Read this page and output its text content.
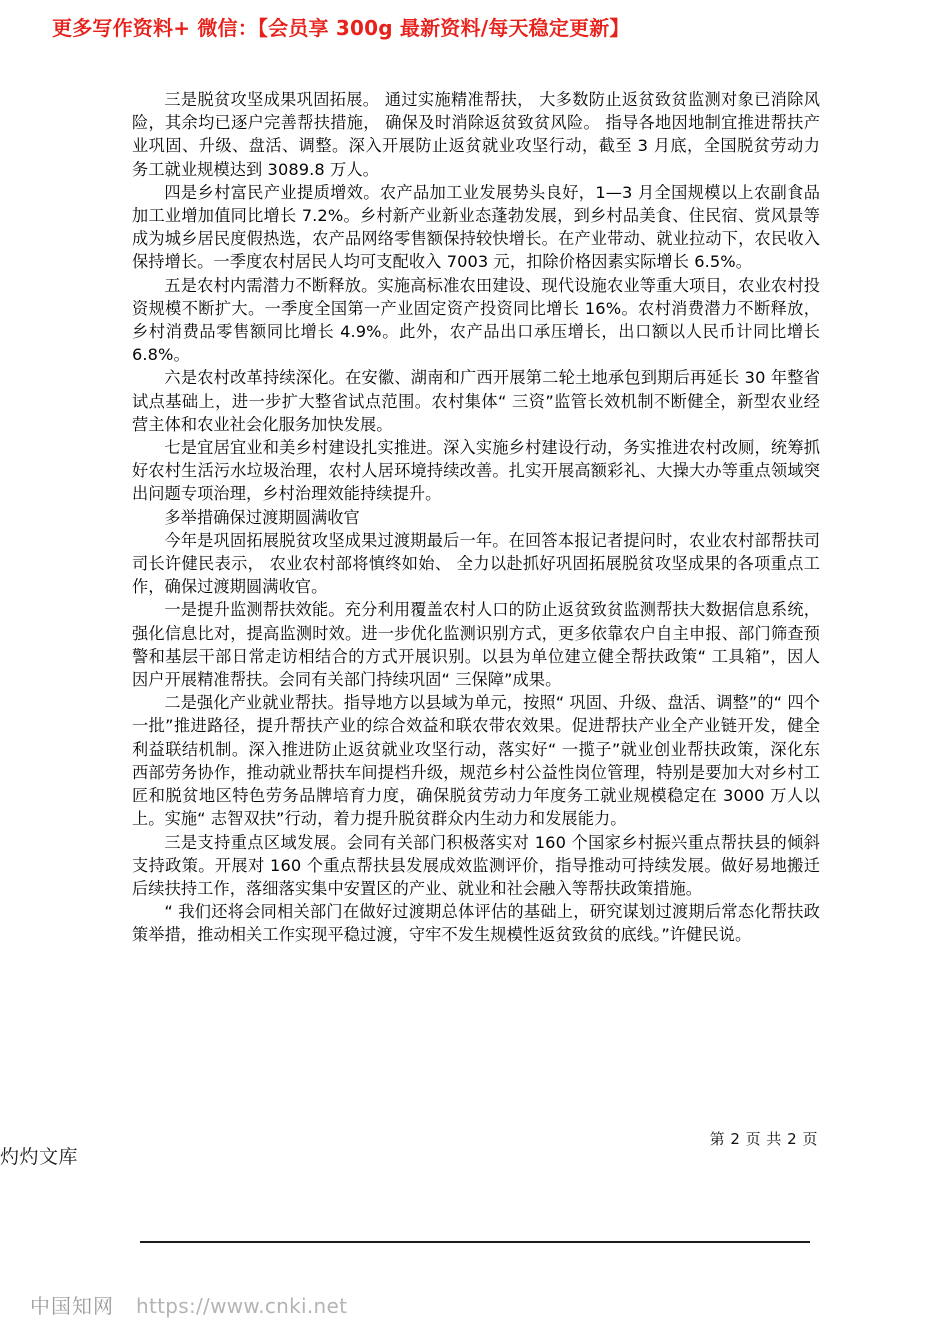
更多写作资料+ 微信：【会员享 300g 最新资料/每天稳定更新】

三是脱贫攻坚成果巩固拓展。 通过实施精准帮扶， 大多数防止返贫致贫监测对象已消除风险，其余均已逐户完善帮扶措施， 确保及时消除返贫致贫风险。 指导各地因地制宜推进帮扶产业巩固、升级、盘活、调整。深入开展防止返贫就业攻坚行动，截至 3 月底，全国脱贫劳动力务工就业规模达到 3089.8 万人。

四是乡村富民产业提质增效。农产品加工业发展势头良好，1—3 月全国规模以上农副食品加工业增加值同比增长 7.2%。乡村新产业新业态蓬勃发展，到乡村品美食、住民宿、赏风景等成为城乡居民度假热选，农产品网络零售额保持较快增长。在产业带动、就业拉动下，农民收入保持增长。一季度农村居民人均可支配收入 7003 元，扣除价格因素实际增长 6.5%。

五是农村内需潜力不断释放。实施高标准农田建设、现代设施农业等重大项目，农业农村投资规模不断扩大。一季度全国第一产业固定资产投资同比增长 16%。农村消费潜力不断释放，乡村消费品零售额同比增长 4.9%。此外，农产品出口承压增长，出口额以人民币计同比增长 6.8%。

六是农村改革持续深化。在安徽、湖南和广西开展第二轮土地承包到期后再延长 30 年整省试点基础上，进一步扩大整省试点范围。农村集体“ 三资”监管长效机制不断健全，新型农业经营主体和农业社会化服务加快发展。

七是宜居宜业和美乡村建设扎实推进。深入实施乡村建设行动，务实推进农村改厕，统筹抓好农村生活污水垃圾治理，农村人居环境持续改善。扎实开展高额彩礼、大操大办等重点领域突出问题专项治理，乡村治理效能持续提升。

多举措确保过渡期圆满收官

今年是巩固拓展脱贫攻坚成果过渡期最后一年。在回答本报记者提问时，农业农村部帮扶司司长许健民表示， 农业农村部将慎终如始、 全力以赴抓好巩固拓展脱贫攻坚成果的各项重点工作，确保过渡期圆满收官。

一是提升监测帮扶效能。充分利用覆盖农村人口的防止返贫致贫监测帮扶大数据信息系统，强化信息比对，提高监测时效。进一步优化监测识别方式，更多依靠农户自主申报、部门筛查预警和基层干部日常走访相结合的方式开展识别。以县为单位建立健全帮扶政策“ 工具箱”，因人因户开展精准帮扶。会同有关部门持续巩固“ 三保障”成果。

二是强化产业就业帮扶。指导地方以县域为单元，按照“ 巩固、升级、盘活、调整”的“ 四个一批”推进路径，提升帮扶产业的综合效益和联农带农效果。促进帮扶产业全产业链开发，健全利益联结机制。深入推进防止返贫就业攻坚行动，落实好“ 一揽子”就业创业帮扶政策，深化东西部劳务协作，推动就业帮扶车间提档升级，规范乡村公益性岗位管理，特别是要加大对乡村工匠和脱贫地区特色劳务品牌培育力度，确保脱贫劳动力年度务工就业规模稳定在 3000 万人以上。实施“ 志智双扶”行动，着力提升脱贫群众内生动力和发展能力。

三是支持重点区域发展。会同有关部门积极落实对 160 个国家乡村振兴重点帮扶县的倾斜支持政策。开展对 160 个重点帮扶县发展成效监测评价，指导推动可持续发展。做好易地搬迁后续扶持工作，落细落实集中安置区的产业、就业和社会融入等帮扶政策措施。

“ 我们还将会同相关部门在做好过渡期总体评估的基础上，研究谋划过渡期后常态化帮扶政策举措，推动相关工作实现平稳过渡，守牢不发生规模性返贫致贫的底线。”许健民说。

第 2 页 共 2 页
灼灼文库
中国知网 https://www.cnki.net
